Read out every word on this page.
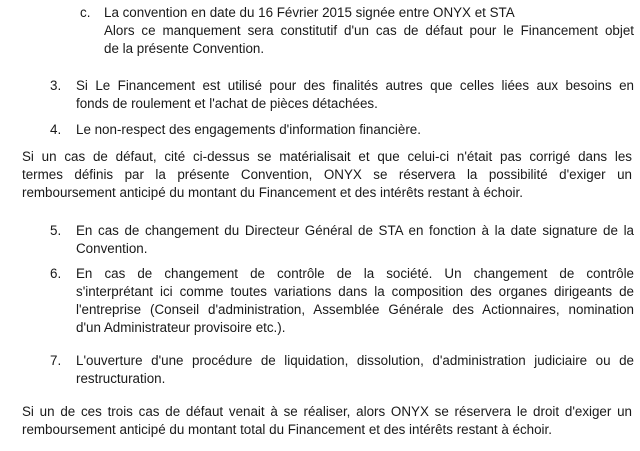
c. La convention en date du 16 Février 2015 signée entre ONYX et STA
Alors ce manquement sera constitutif d'un cas de défaut pour le Financement objet
de la présente Convention.
3. Si Le Financement est utilisé pour des finalités autres que celles liées aux besoins en
fonds de roulement et l'achat de pièces détachées.
4. Le non-respect des engagements d'information financière.
Si un cas de défaut, cité ci-dessus se matérialisait et que celui-ci n'était pas corrigé dans les
termes définis par la présente Convention, ONYX se réservera la possibilité d'exiger un
remboursement anticipé du montant du Financement et des intérêts restant à échoir.
5. En cas de changement du Directeur Général de STA en fonction à la date signature de la
Convention.
6. En cas de changement de contrôle de la société. Un changement de contrôle
s'interprétant ici comme toutes variations dans la composition des organes dirigeants de
l'entreprise (Conseil d'administration, Assemblée Générale des Actionnaires, nomination
d'un Administrateur provisoire etc.).
7. L'ouverture d'une procédure de liquidation, dissolution, d'administration judiciaire ou de
restructuration.
Si un de ces trois cas de défaut venait à se réaliser, alors ONYX se réservera le droit d'exiger un
remboursement anticipé du montant total du Financement et des intérêts restant à échoir.
